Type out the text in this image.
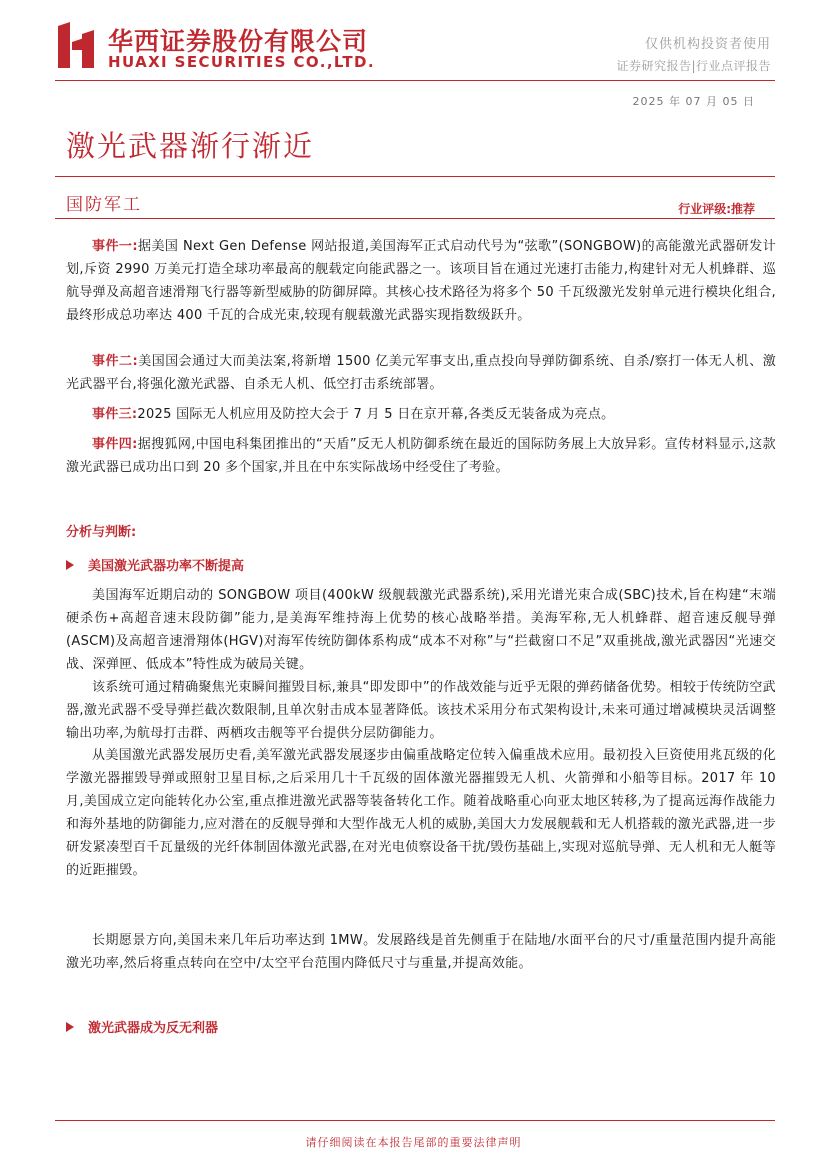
华西证券股份有限公司
HUAXI SECURITIES CO.,LTD.
仅供机构投资者使用
证券研究报告|行业点评报告
2025 年 07 月 05 日
激光武器渐行渐近
国防军工	行业评级:推荐
事件一:据美国 Next Gen Defense 网站报道,美国海军正式启动代号为“弦歌”(SONGBOW)的高能激光武器研发计划,斥资 2990 万美元打造全球功率最高的舰载定向能武器之一。该项目旨在通过光速打击能力,构建针对无人机蜂群、巡航导弹及高超音速滑翔飞行器等新型威胁的防御屏障。其核心技术路径为将多个 50 千瓦级激光发射单元进行模块化组合,最终形成总功率达 400 千瓦的合成光束,较现有舰载激光武器实现指数级跃升。
事件二:美国国会通过大而美法案,将新增 1500 亿美元军事支出,重点投向导弹防御系统、自杀/察打一体无人机、激光武器平台,将强化激光武器、自杀无人机、低空打击系统部署。
事件三:2025 国际无人机应用及防控大会于 7 月 5 日在京开幕,各类反无装备成为亮点。
事件四:据搜狐网,中国电科集团推出的“天盾”反无人机防御系统在最近的国际防务展上大放异彩。宣传材料显示,这款激光武器已成功出口到 20 多个国家,并且在中东实际战场中经受住了考验。
分析与判断:
美国激光武器功率不断提高
美国海军近期启动的 SONGBOW 项目(400kW 级舰载激光武器系统),采用光谱光束合成(SBC)技术,旨在构建“末端硬杀伤+高超音速末段防御”能力,是美海军维持海上优势的核心战略举措。美海军称,无人机蜂群、超音速反舰导弹(ASCM)及高超音速滑翔体(HGV)对海军传统防御体系构成“成本不对称”与“拦截窗口不足”双重挑战,激光武器因“光速交战、深弹匣、低成本”特性成为破局关键。
该系统可通过精确聚焦光束瞬间摧毁目标,兼具“即发即中”的作战效能与近乎无限的弹药储备优势。相较于传统防空武器,激光武器不受导弹拦截次数限制,且单次射击成本显著降低。该技术采用分布式架构设计,未来可通过增减模块灵活调整输出功率,为航母打击群、两栖攻击舰等平台提供分层防御能力。
从美国激光武器发展历史看,美军激光武器发展逐步由偏重战略定位转入偏重战术应用。最初投入巨资使用兆瓦级的化学激光器摧毁导弹或照射卫星目标,之后采用几十千瓦级的固体激光器摧毁无人机、火箭弹和小船等目标。2017 年 10 月,美国成立定向能转化办公室,重点推进激光武器等装备转化工作。随着战略重心向亚太地区转移,为了提高远海作战能力和海外基地的防御能力,应对潜在的反舰导弹和大型作战无人机的威胁,美国大力发展舰载和无人机搭载的激光武器,进一步研发紧凑型百千瓦量级的光纤体制固体激光武器,在对光电侦察设备干扰/毁伤基础上,实现对巡航导弹、无人机和无人艇等的近距摧毁。
长期愿景方向,美国未来几年后功率达到 1MW。发展路线是首先侧重于在陆地/水面平台的尺寸/重量范围内提升高能激光功率,然后将重点转向在空中/太空平台范围内降低尺寸与重量,并提高效能。
激光武器成为反无利器
请仔细阅读在本报告尾部的重要法律声明
